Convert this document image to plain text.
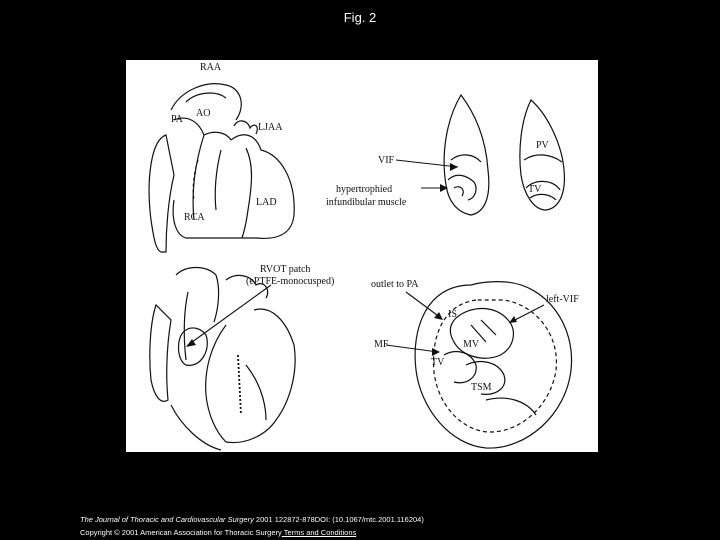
Fig. 2
RAA
AO
PA
LJAA
RCA
LAD
VIF
PV
TV
hypertrophied
infundibular muscle
RVOT patch
(ePTFE-monocusped)	outlet to PA
left-VIF
IS
MV
MF
TV
TSM
The Journal of Thoracic and Cardiovascular Surgery 2001 122872-878DOI: (10.1067/mtc.2001.116204)
Copyright © 2001 American Association for Thoracic Surgery Terms and Conditions
